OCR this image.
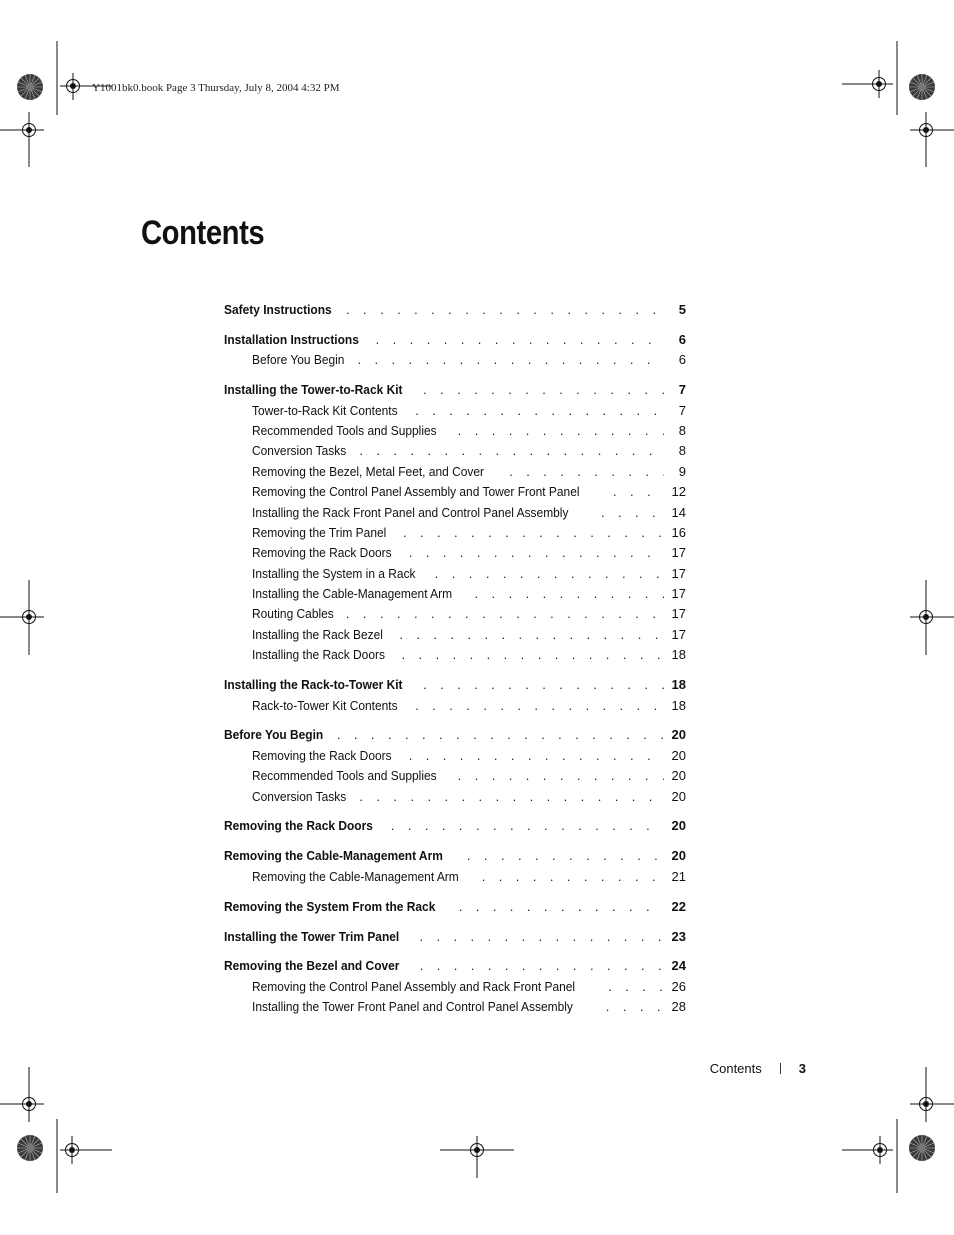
Y1001bk0.book Page 3 Thursday, July 8, 2004 4:32 PM
Contents
Safety Instructions . . .	5
Installation Instructions . . .	6
Before You Begin . . .	6
Installing the Tower-to-Rack Kit . . .	7
Tower-to-Rack Kit Contents . . .	7
Recommended Tools and Supplies . . .	8
Conversion Tasks . . .	8
Removing the Bezel, Metal Feet, and Cover . . .	9
Removing the Control Panel Assembly and Tower Front Panel . . .	12
Installing the Rack Front Panel and Control Panel Assembly . . .	14
Removing the Trim Panel . . .	16
Removing the Rack Doors . . .	17
Installing the System in a Rack . . .	17
Installing the Cable-Management Arm . . .	17
Routing Cables . . .	17
Installing the Rack Bezel . . .	17
Installing the Rack Doors . . .	18
Installing the Rack-to-Tower Kit . . .	18
Rack-to-Tower Kit Contents . . .	18
Before You Begin . . .	20
Removing the Rack Doors . . .	20
Recommended Tools and Supplies . . .	20
Conversion Tasks . . .	20
Removing the Rack Doors . . .	20
Removing the Cable-Management Arm . . .	20
Removing the Cable-Management Arm . . .	21
Removing the System From the Rack . . .	22
Installing the Tower Trim Panel . . .	23
Removing the Bezel and Cover . . .	24
Removing the Control Panel Assembly and Rack Front Panel . . .	26
Installing the Tower Front Panel and Control Panel Assembly . . .	28
Contents	3
